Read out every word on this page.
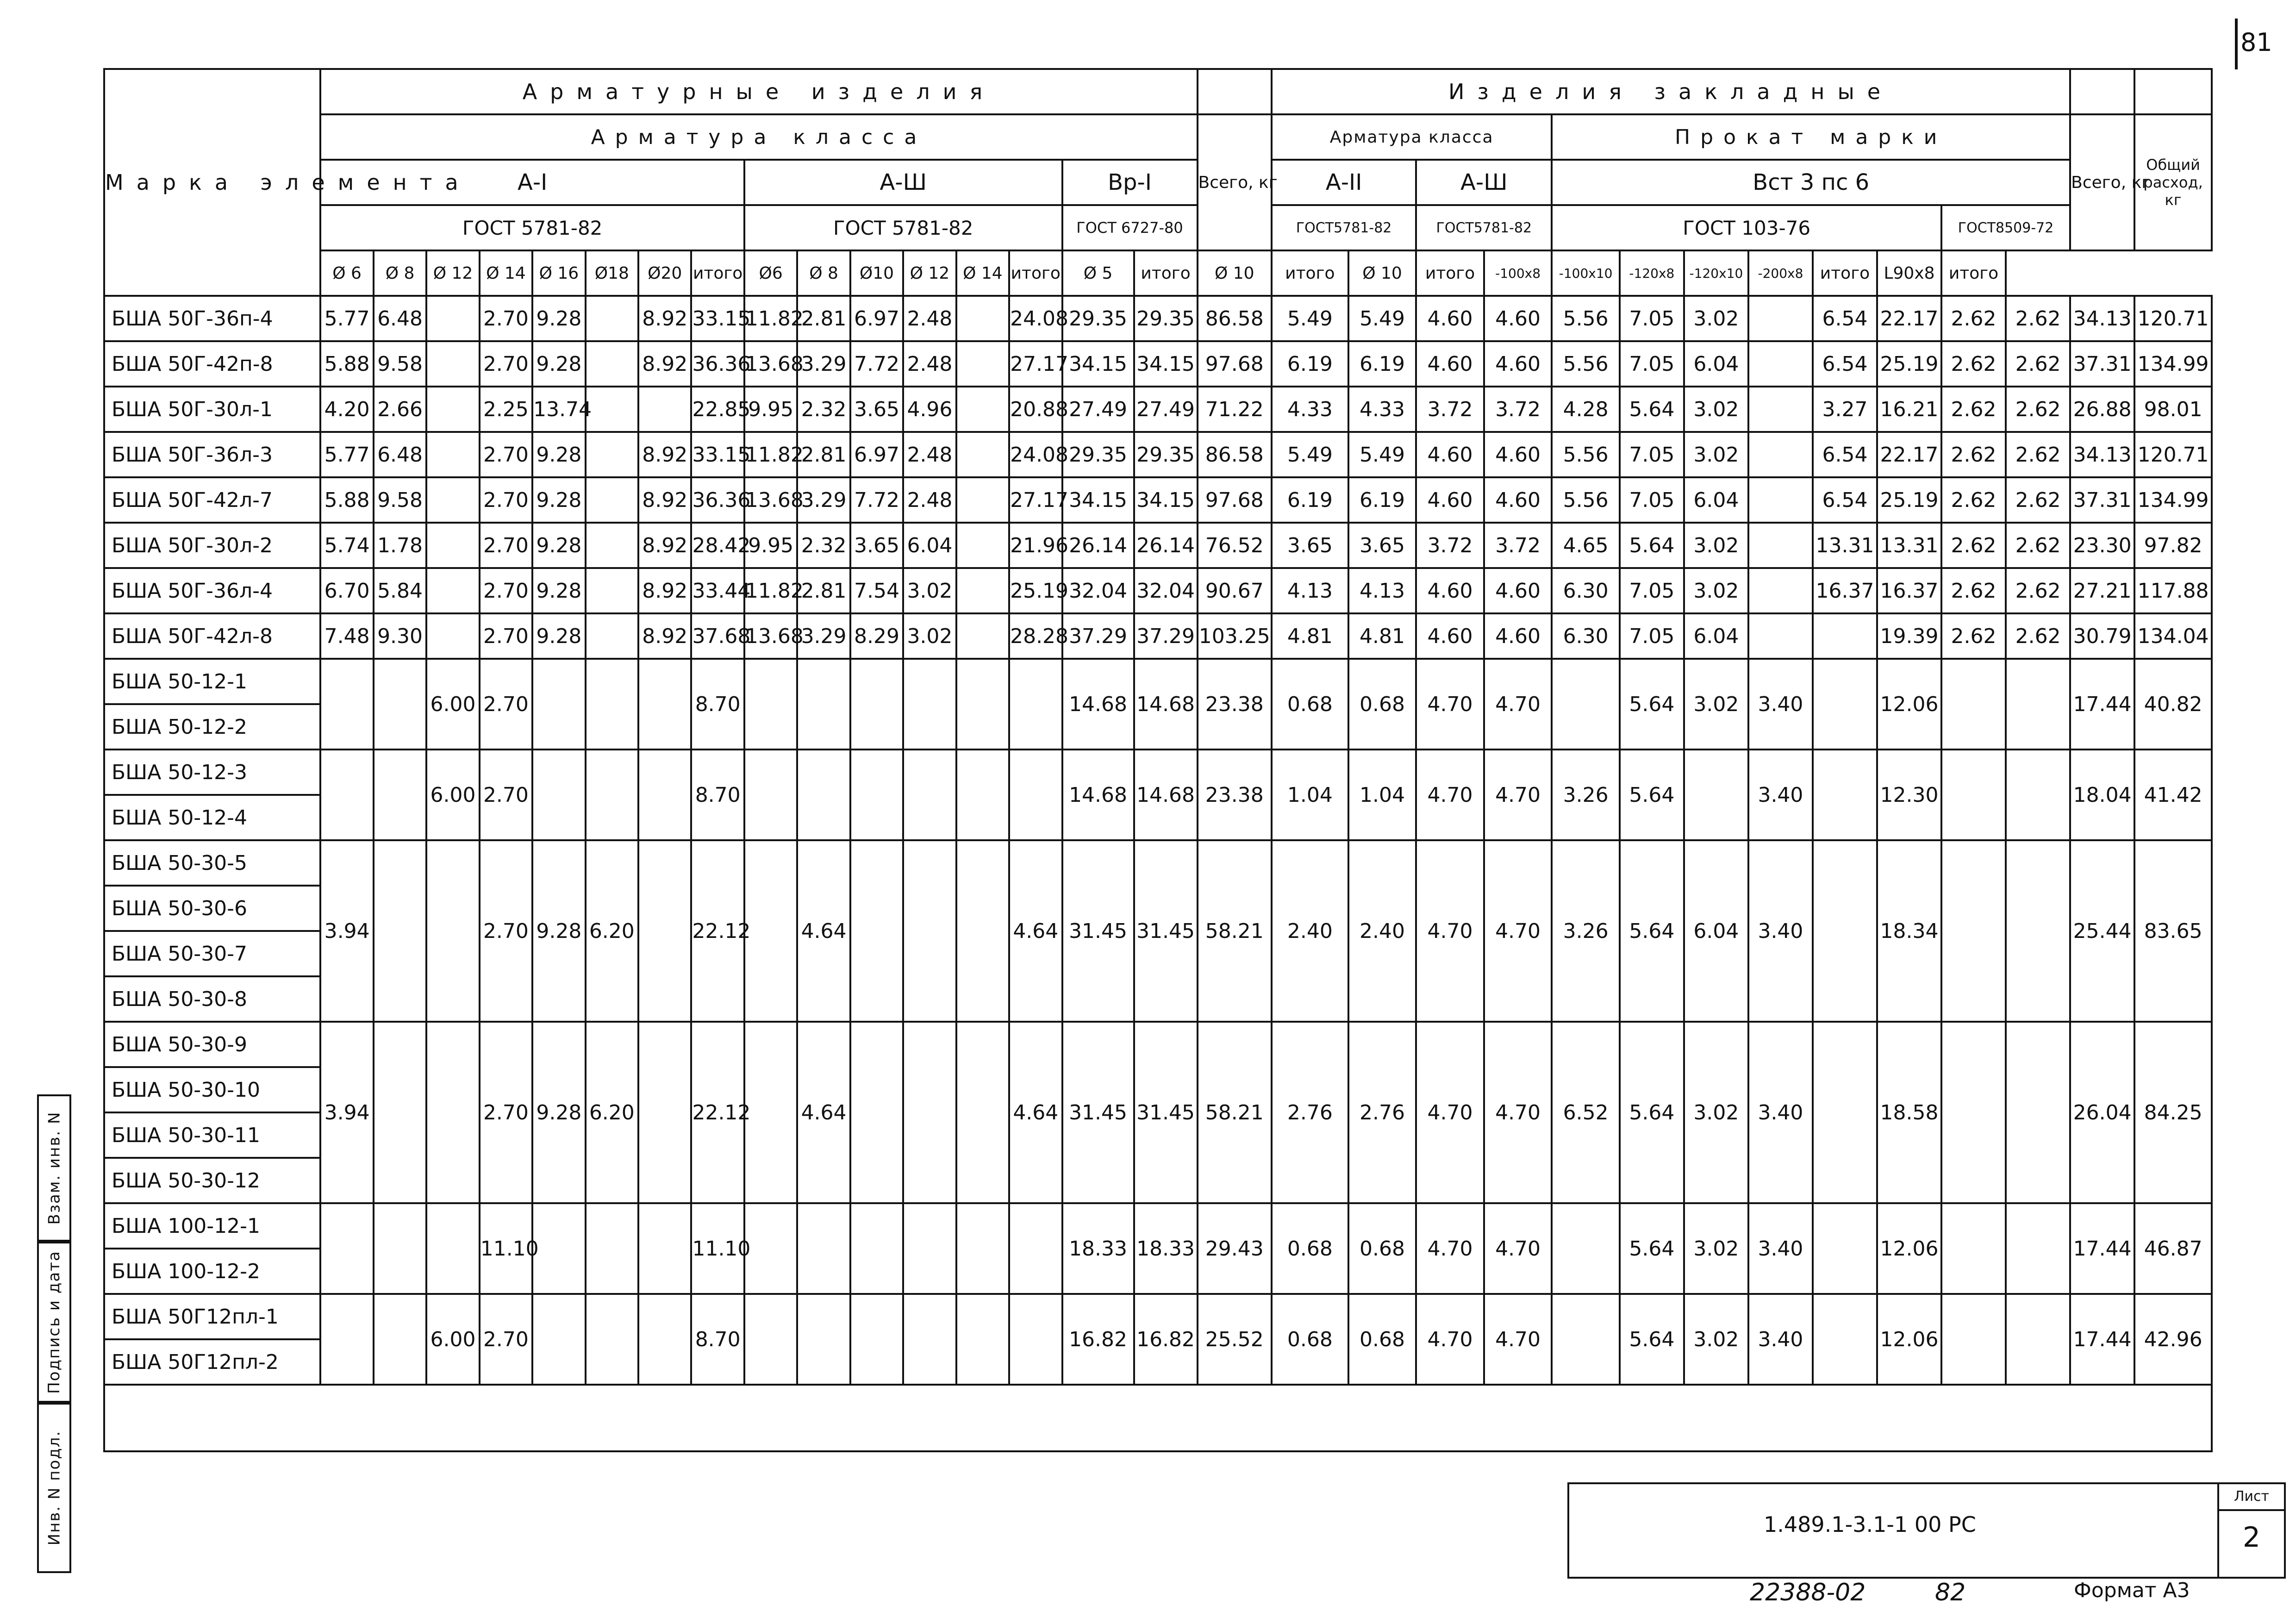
81
Марка элемента	Арматурные изделия																	Изделия закладные													
	Арматура класса																Всего, кг	Арматура класса				Прокат марки								Всего, кг	Общий расход, кг
	А-I								А-Ш						Вр-I			А-II		А-Ш		Вст 3 пс 6									
	ГОСТ 5781-82								ГОСТ 5781-82						ГОСТ 6727-80			ГОСТ5781-82		ГОСТ5781-82		ГОСТ 103-76						ГОСТ8509-72			
	Ø 6	Ø 8	Ø 12	Ø 14	Ø 16	Ø18	Ø20	итого	Ø6	Ø 8	Ø10	Ø 12	Ø 14	итого	Ø 5	итого	Ø 10	итого	Ø 10	итого	-100x8	-100x10	-120x8	-120x10	-200x8	итого	L90x8	итого			
БША 50Г-36п-4	5.77	6.48		2.70	9.28		8.92	33.15	11.82	2.81	6.97	2.48		24.08	29.35	29.35	86.58	5.49	5.49	4.60	4.60	5.56	7.05	3.02		6.54	22.17	2.62	2.62	34.13	120.71
БША 50Г-42п-8	5.88	9.58		2.70	9.28		8.92	36.36	13.68	3.29	7.72	2.48		27.17	34.15	34.15	97.68	6.19	6.19	4.60	4.60	5.56	7.05	6.04		6.54	25.19	2.62	2.62	37.31	134.99
БША 50Г-30л-1	4.20	2.66		2.25	13.74			22.85	9.95	2.32	3.65	4.96		20.88	27.49	27.49	71.22	4.33	4.33	3.72	3.72	4.28	5.64	3.02		3.27	16.21	2.62	2.62	26.88	98.01
БША 50Г-36л-3	5.77	6.48		2.70	9.28		8.92	33.15	11.82	2.81	6.97	2.48		24.08	29.35	29.35	86.58	5.49	5.49	4.60	4.60	5.56	7.05	3.02		6.54	22.17	2.62	2.62	34.13	120.71
БША 50Г-42л-7	5.88	9.58		2.70	9.28		8.92	36.36	13.68	3.29	7.72	2.48		27.17	34.15	34.15	97.68	6.19	6.19	4.60	4.60	5.56	7.05	6.04		6.54	25.19	2.62	2.62	37.31	134.99
БША 50Г-30л-2	5.74	1.78		2.70	9.28		8.92	28.42	9.95	2.32	3.65	6.04		21.96	26.14	26.14	76.52	3.65	3.65	3.72	3.72	4.65	5.64	3.02		13.31	13.31	2.62	2.62	23.30	97.82
БША 50Г-36л-4	6.70	5.84		2.70	9.28		8.92	33.44	11.82	2.81	7.54	3.02		25.19	32.04	32.04	90.67	4.13	4.13	4.60	4.60	6.30	7.05	3.02		16.37	16.37	2.62	2.62	27.21	117.88
БША 50Г-42л-8	7.48	9.30		2.70	9.28		8.92	37.68	13.68	3.29	8.29	3.02		28.28	37.29	37.29	103.25	4.81	4.81	4.60	4.60	6.30	7.05	6.04			19.39	2.62	2.62	30.79	134.04
БША 50-12-1			6.00	2.70				8.70							14.68	14.68	23.38	0.68	0.68	4.70	4.70		5.64	3.02	3.40		12.06			17.44	40.82
БША 50-12-2																															
БША 50-12-3			6.00	2.70				8.70							14.68	14.68	23.38	1.04	1.04	4.70	4.70	3.26	5.64		3.40		12.30			18.04	41.42
БША 50-12-4																															
БША 50-30-5	3.94			2.70	9.28	6.20		22.12		4.64				4.64	31.45	31.45	58.21	2.40	2.40	4.70	4.70	3.26	5.64	6.04	3.40		18.34			25.44	83.65
БША 50-30-6																															
БША 50-30-7																															
БША 50-30-8																															
БША 50-30-9	3.94			2.70	9.28	6.20		22.12		4.64				4.64	31.45	31.45	58.21	2.76	2.76	4.70	4.70	6.52	5.64	3.02	3.40		18.58			26.04	84.25
БША 50-30-10																															
БША 50-30-11																															
БША 50-30-12																															
БША 100-12-1				11.10				11.10							18.33	18.33	29.43	0.68	0.68	4.70	4.70		5.64	3.02	3.40		12.06			17.44	46.87
БША 100-12-2																															
БША 50Г12пл-1			6.00	2.70				8.70							16.82	16.82	25.52	0.68	0.68	4.70	4.70		5.64	3.02	3.40		12.06			17.44	42.96
БША 50Г12пл-2																															

Взам. инв. N
Подпись и дата
Инв. N подл.	1.489.1-3.1-1 00 РС
Лист
2
22388-02	82	Формат А3
